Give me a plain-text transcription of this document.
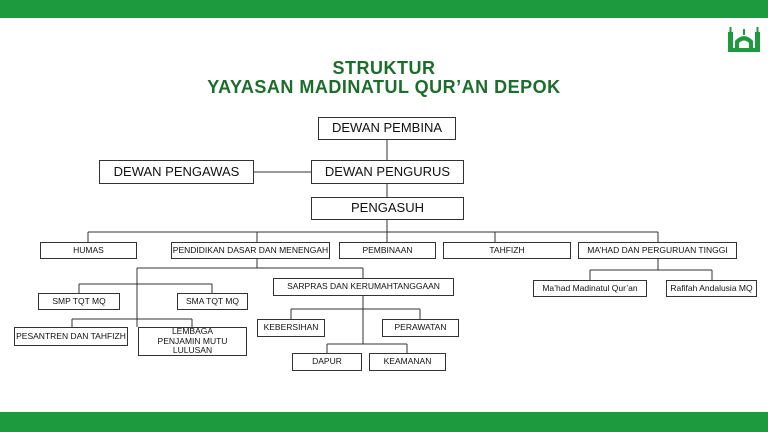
STRUKTUR
YAYASAN MADINATUL QUR’AN DEPOK
DEWAN PEMBINA
DEWAN PENGAWAS	DEWAN PENGURUS
PENGASUH
HUMAS	PENDIDIKAN DASAR DAN MENENGAH	PEMBINAAN	TAHFIZH	MA’HAD DAN PERGURUAN TINGGI
SMP TQT MQ	SMA TQT MQ
PESANTREN DAN TAHFIZH	LEMBAGA PENJAMIN MUTU LULUSAN
SARPRAS DAN KERUMAHTANGGAAN
KEBERSIHAN	PERAWATAN
DAPUR	KEAMANAN
Ma’had Madinatul Qur’an	Rafifah Andalusia MQ
